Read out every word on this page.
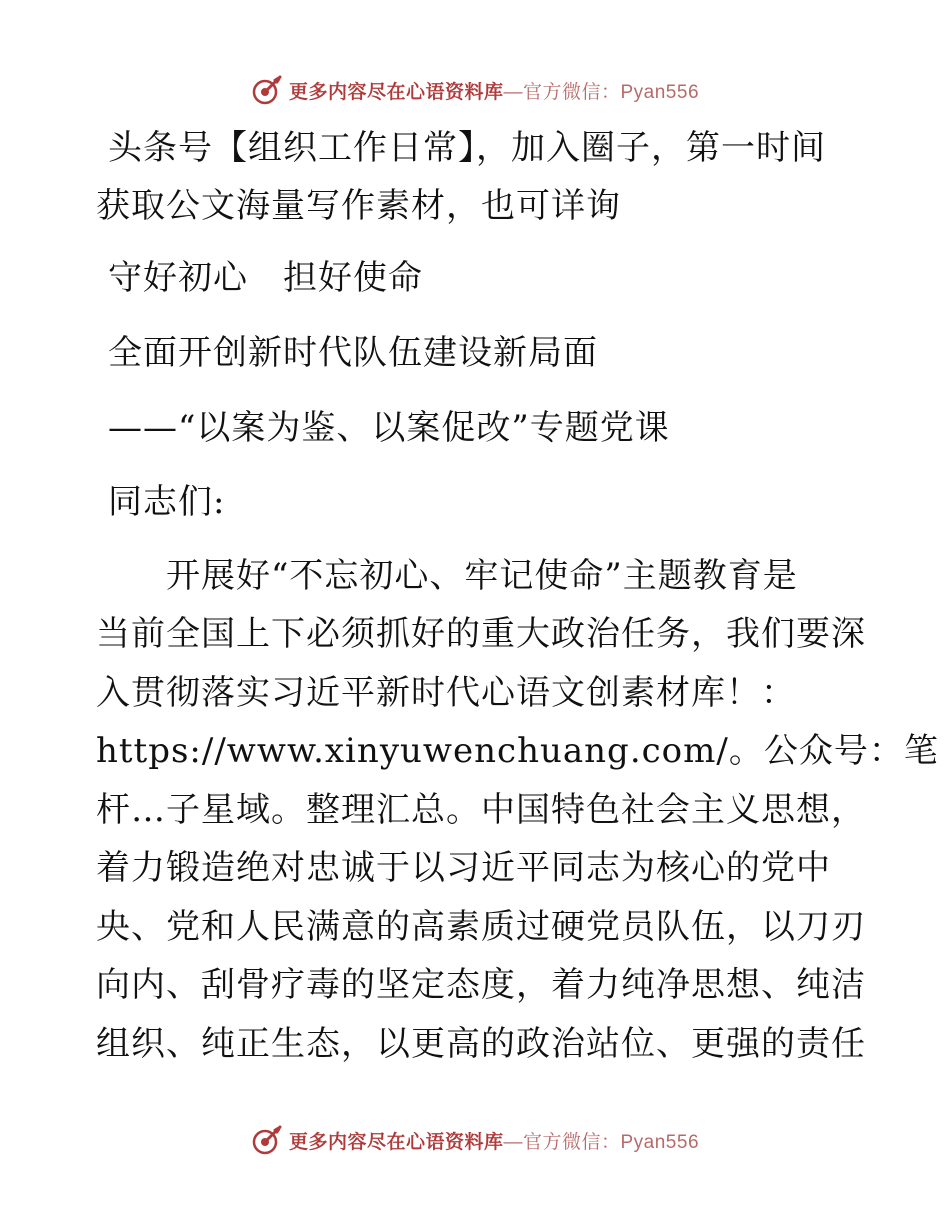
更多内容尽在心语资料库 —官方微信：Pyan556
头条号【组织工作日常】，加入圈子，第一时间
获取公文海量写作素材，也可详询
守好初心　担好使命
全面开创新时代队伍建设新局面
——“以案为鉴、以案促改”专题党课
同志们:
　　开展好“不忘初心、牢记使命”主题教育是
当前全国上下必须抓好的重大政治任务，我们要深
入贯彻落实习近平新时代心语文创素材库！：
https://www.xinyuwenchuang.com/。公众号：笔
杆…子星域。整理汇总。中国特色社会主义思想，
着力锻造绝对忠诚于以习近平同志为核心的党中
央、党和人民满意的高素质过硬党员队伍，以刀刃
向内、刮骨疗毒的坚定态度，着力纯净思想、纯洁
组织、纯正生态，以更高的政治站位、更强的责任
更多内容尽在心语资料库 —官方微信：Pyan556
